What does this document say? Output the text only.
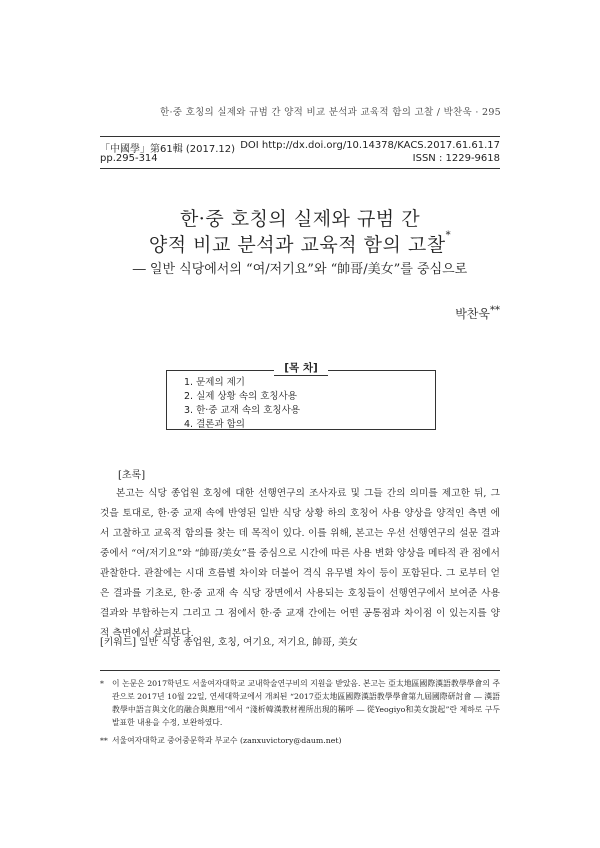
한·중 호칭의 실제와 규범 간 양적 비교 분석과 교육적 함의 고찰 / 박찬욱 · 295
「中國學」第61輯 (2017.12)
pp.295-314
DOI http://dx.doi.org/10.14378/KACS.2017.61.61.17
ISSN : 1229-9618
한·중 호칭의 실제와 규범 간
양적 비교 분석과 교육적 함의 고찰*
― 일반 식당에서의 “여/저기요”와 “帥哥/美女”를 중심으로
박찬욱**
[목 차]
1. 문제의 제기
2. 실제 상황 속의 호칭사용
3. 한·중 교재 속의 호칭사용
4. 결론과 함의
[초록]
본고는 식당 종업원 호칭에 대한 선행연구의 조사자료 및 그들 간의 의미를 제고한 뒤, 그 것을 토대로, 한·중 교재 속에 반영된 일반 식당 상황 하의 호칭어 사용 양상을 양적인 측면 에서 고찰하고 교육적 함의를 찾는 데 목적이 있다. 이를 위해, 본고는 우선 선행연구의 설문 결과 중에서 “여/저기요”와 “帥哥/美女”를 중심으로 시간에 따른 사용 변화 양상을 메타적 관 점에서 관찰한다. 관찰에는 시대 흐름별 차이와 더불어 격식 유무별 차이 등이 포함된다. 그 로부터 얻은 결과를 기초로, 한·중 교재 속 식당 장면에서 사용되는 호칭들이 선행연구에서 보여준 사용 결과와 부합하는지 그리고 그 점에서 한·중 교재 간에는 어떤 공통점과 차이점 이 있는지를 양적 측면에서 살펴본다.
[키워드] 일반 식당 종업원, 호칭, 여기요, 저기요, 帥哥, 美女
* 이 논문은 2017학년도 서울여자대학교 교내학술연구비의 지원을 받았음. 본고는 亞太地區國際漢語教學學會의 주관으로 2017년 10월 22일, 연세대학교에서 개최된 “2017亞太地區國際漢語教學學會第九屆國際研討會 ― 漢語教學中語言與文化的融合與應用”에서 “淺析韓漢教材裡所出現的稱呼 ― 從Yeogiyo和美女說起”란 제하로 구두 발표한 내용을 수정, 보완하였다.
** 서울여자대학교 중어중문학과 부교수 (zanxuvictory@daum.net)
